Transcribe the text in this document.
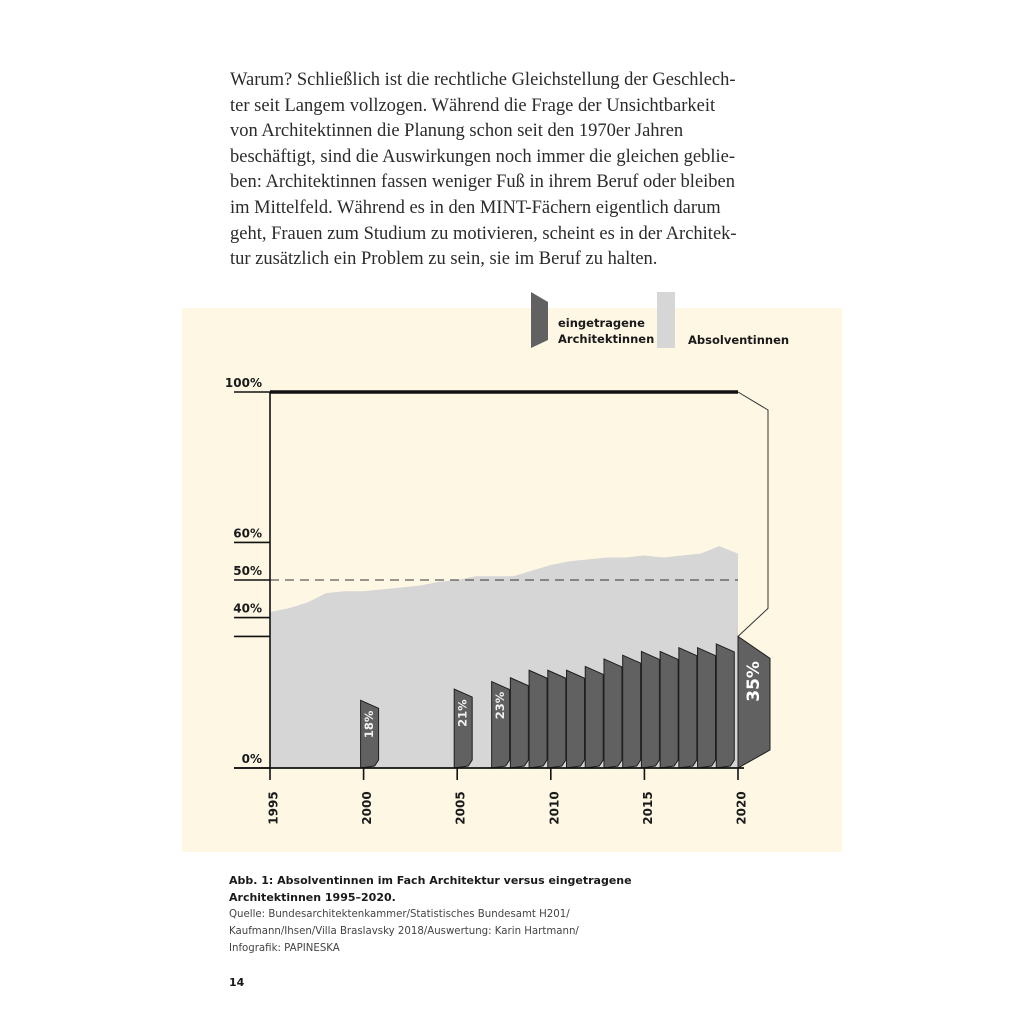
Warum? Schließlich ist die rechtliche Gleichstellung der Geschlech-
ter seit Langem vollzogen. Während die Frage der Unsichtbarkeit
von Architektinnen die Planung schon seit den 1970er Jahren
beschäftigt, sind die Auswirkungen noch immer die gleichen geblie-
ben: Architektinnen fassen weniger Fuß in ihrem Beruf oder bleiben
im Mittelfeld. Während es in den MINT-Fächern eigentlich darum
geht, Frauen zum Studium zu motivieren, scheint es in der Architek-
tur zusätzlich ein Problem zu sein, sie im Beruf zu halten.

18%	21% 23%
35%
100%
60%
50%
40%
0%
1995	2000	2005	2010	2015	2020
eingetragene
Architektinnen	Absolventinnen
Abb. 1: Absolventinnen im Fach Architektur versus eingetragene
Architektinnen 1995–2020.
Quelle: Bundesarchitektenkammer/Statistisches Bundesamt H201/
Kaufmann/Ihsen/Villa Braslavsky 2018/Auswertung: Karin Hartmann/
Infografik: PAPINESKA
14
